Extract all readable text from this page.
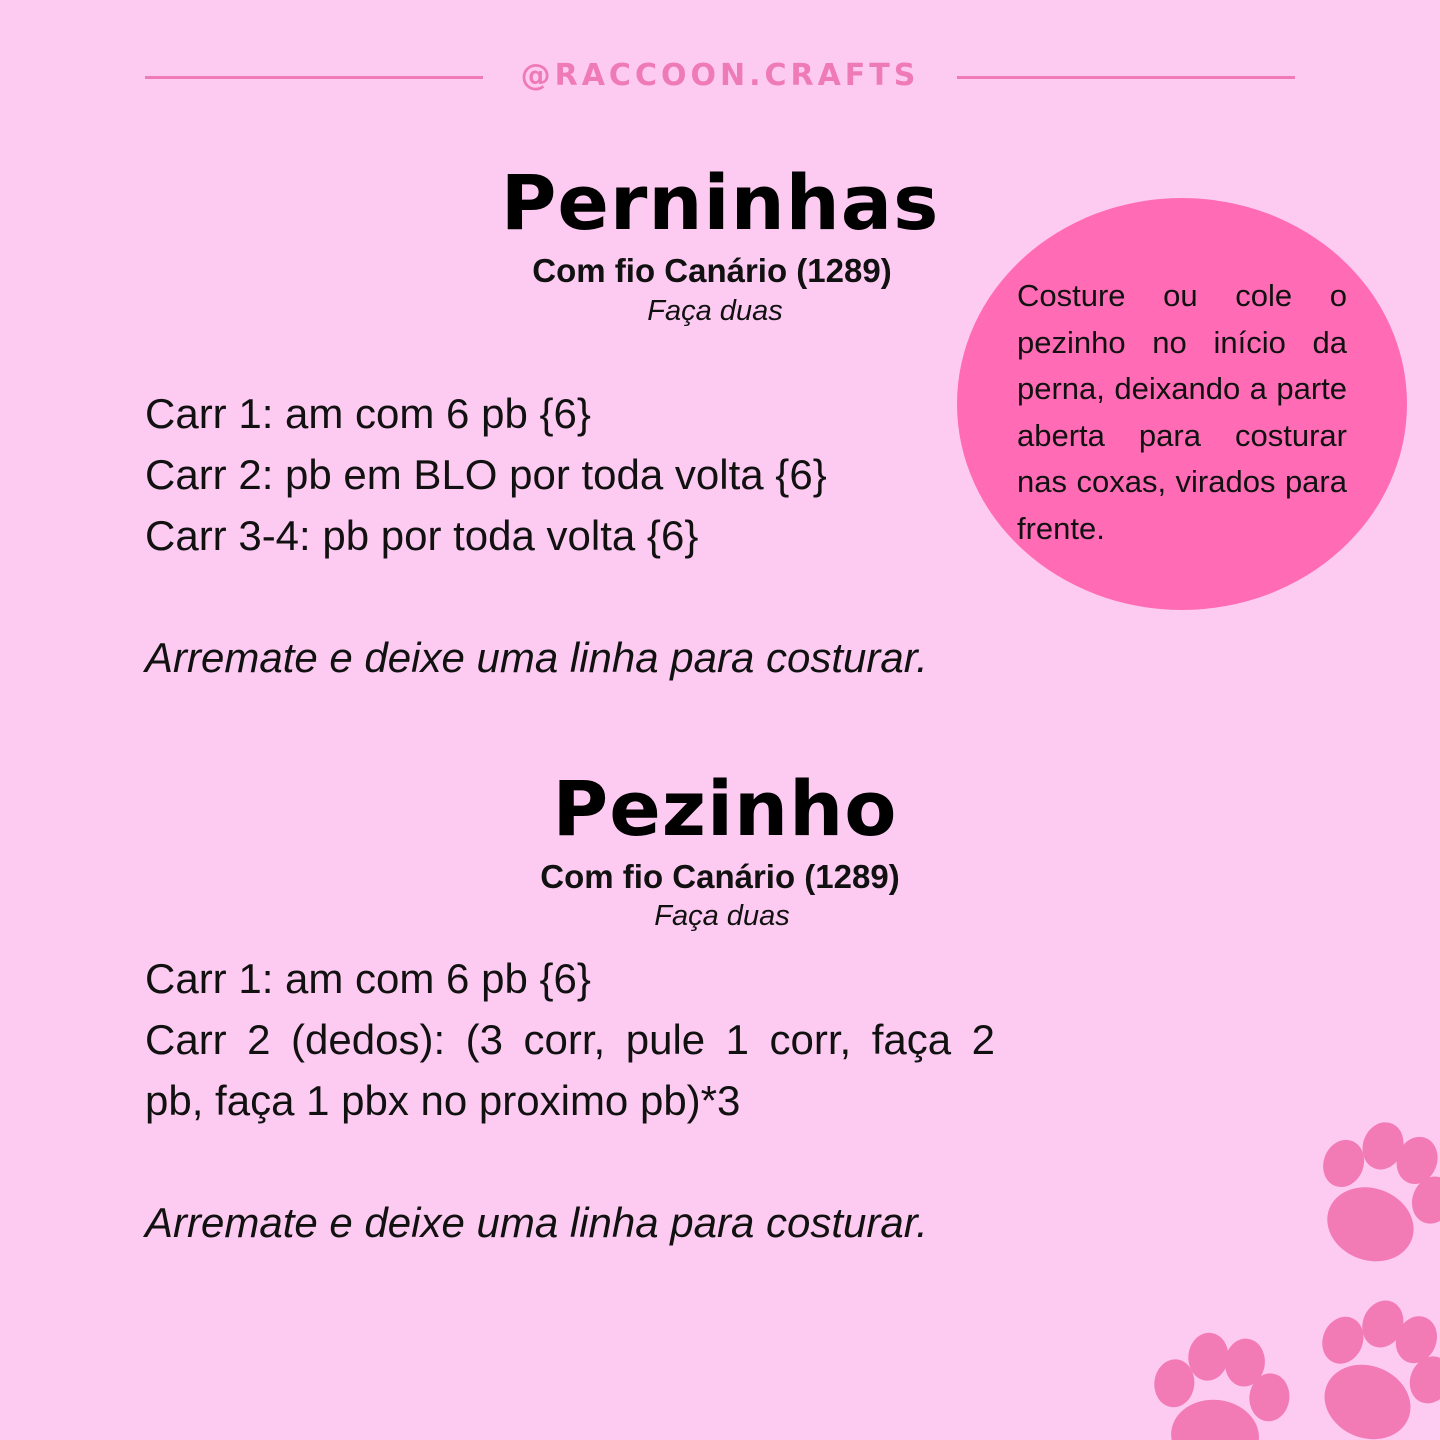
@RACCOON.CRAFTS
Perninhas
Com fio Canário (1289)
Faça duas
Carr 1: am com 6 pb {6}
Carr 2: pb em BLO por toda volta {6}
Carr 3-4: pb por toda volta {6}
Arremate e deixe uma linha para costurar.
Costure ou cole o pezinho no início da perna, deixando a parte aberta para costurar nas coxas, virados para frente.
Pezinho
Com fio Canário (1289)
Faça duas
Carr 1: am com 6 pb {6}
Carr 2 (dedos): (3 corr, pule 1 corr, faça 2
pb, faça 1 pbx no proximo pb)*3
Arremate e deixe uma linha para costurar.
